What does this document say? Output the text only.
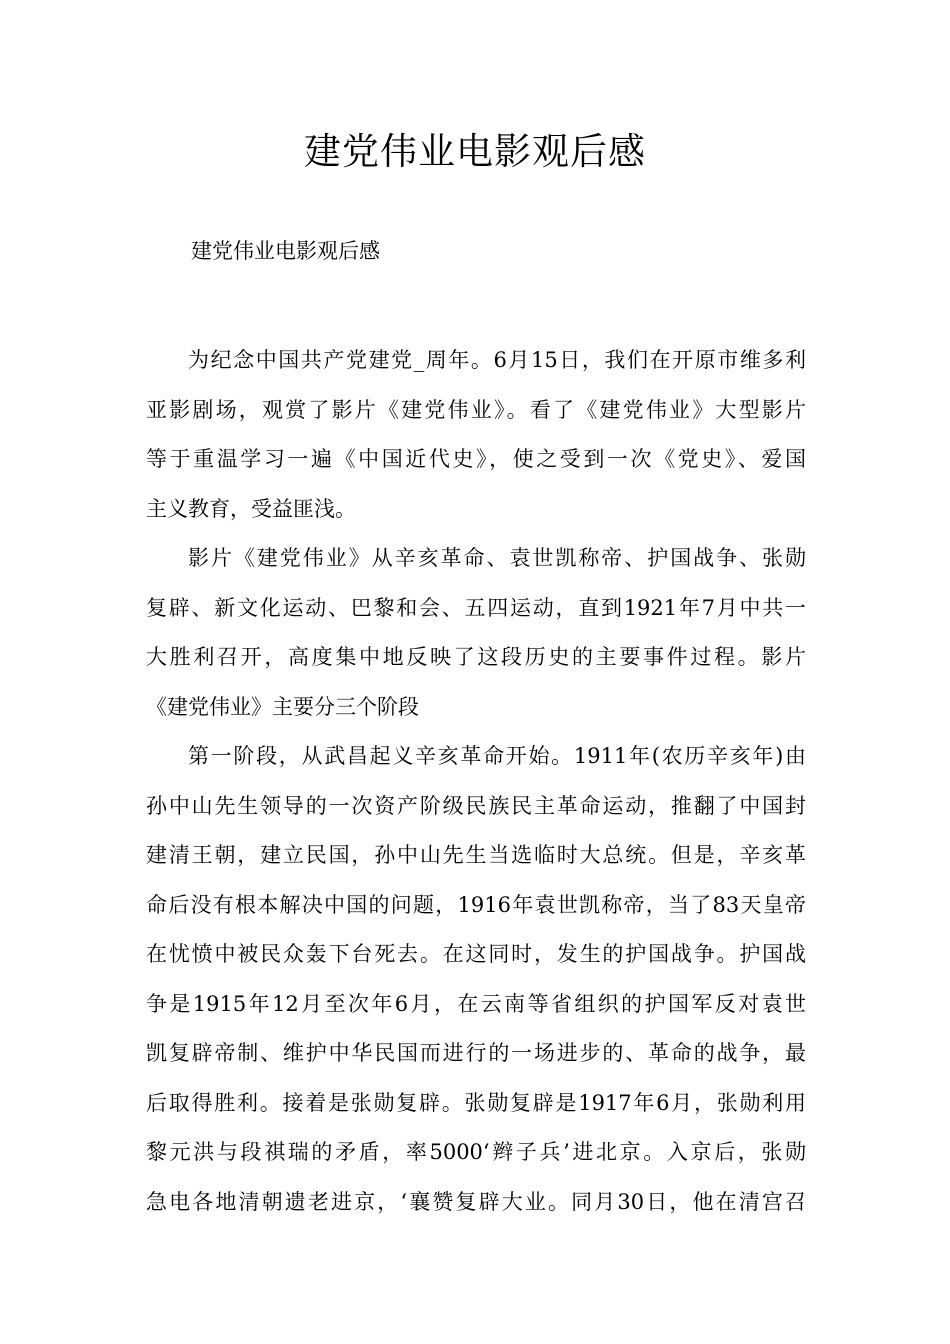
建党伟业电影观后感

建党伟业电影观后感

为纪念中国共产党建党_周年。6月15日，我们在开原市维多利
亚影剧场，观赏了影片《建党伟业》。看了《建党伟业》大型影片
等于重温学习一遍《中国近代史》，使之受到一次《党史》、爱国
主义教育，受益匪浅。

影片《建党伟业》从辛亥革命、袁世凯称帝、护国战争、张勋
复辟、新文化运动、巴黎和会、五四运动，直到1921年7月中共一
大胜利召开，高度集中地反映了这段历史的主要事件过程。影片
《建党伟业》主要分三个阶段

第一阶段，从武昌起义辛亥革命开始。1911年(农历辛亥年)由
孙中山先生领导的一次资产阶级民族民主革命运动，推翻了中国封
建清王朝，建立民国，孙中山先生当选临时大总统。但是，辛亥革
命后没有根本解决中国的问题，1916年袁世凯称帝，当了83天皇帝
在忧愤中被民众轰下台死去。在这同时，发生的护国战争。护国战
争是1915年12月至次年6月，在云南等省组织的护国军反对袁世
凯复辟帝制、维护中华民国而进行的一场进步的、革命的战争，最
后取得胜利。接着是张勋复辟。张勋复辟是1917年6月，张勋利用
黎元洪与段祺瑞的矛盾，率5000‘辫子兵’进北京。入京后，张勋
急电各地清朝遗老进京，‘襄赞复辟大业。同月30日，他在清宫召
